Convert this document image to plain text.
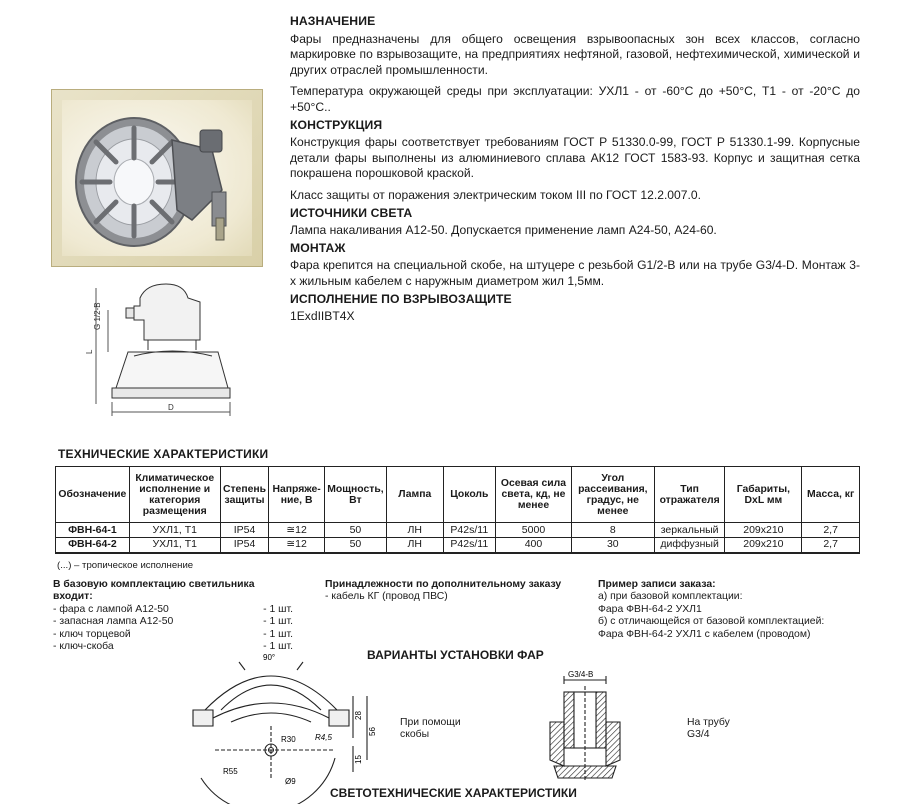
G 1/2-B
L
D
НАЗНАЧЕНИЕ
Фары предназначены для общего освещения взрывоопасных зон всех классов, согласно маркировке по взрывозащите, на предприятиях нефтяной, газовой, нефтехимической, химической и других отраслей промышленности.
Температура окружающей среды при эксплуатации: УХЛ1 - от -60°С до +50°С, Т1 - от -20°С до +50°С..
КОНСТРУКЦИЯ
Конструкция фары соответствует требованиям ГОСТ Р 51330.0-99, ГОСТ Р 51330.1-99. Корпусные детали фары выполнены из алюминиевого сплава АК12 ГОСТ 1583-93. Корпус и защитная сетка покрашена порошковой краской.
Класс защиты от поражения электрическим током III по ГОСТ 12.2.007.0.
ИСТОЧНИКИ СВЕТА
Лампа накаливания А12-50. Допускается применение ламп А24-50, А24-60.
МОНТАЖ
Фара крепится на специальной скобе, на штуцере с резьбой G1/2-В или на трубе G3/4-D. Монтаж 3-х жильным кабелем с наружным диаметром жил 1,5мм.
ИСПОЛНЕНИЕ ПО ВЗРЫВОЗАЩИТЕ
1ExdIIBT4X
ТЕХНИЧЕСКИЕ ХАРАКТЕРИСТИКИ
Обозначение	Климатическое исполнение и категория размещения	Степень защиты	Напряже-ние, В	Мощность, Вт	Лампа	Цоколь	Осевая сила света, кд, не менее	Угол рассеивания, градус, не менее	Тип отражателя	Габариты, DxL мм	Масса, кг
ФВН-64-1	УХЛ1, Т1	IP54	≅12	50	ЛН	Р42s/11	5000	8	зеркальный	209х210	2,7
ФВН-64-2	УХЛ1, Т1	IP54	≅12	50	ЛН	Р42s/11	400	30	диффузный	209х210	2,7
(...) – тропическое исполнение
В базовую комплектацию светильника входит:
- фара с лампой А12-50	- 1 шт.
- запасная лампа А12-50	- 1 шт.
- ключ торцевой	- 1 шт.
- ключ-скоба	- 1 шт.
Принадлежности по дополнительному заказу
- кабель КГ (провод ПВС)
Пример записи заказа:
а) при базовой комплектации:
Фара ФВН-64-2 УХЛ1
б) с отличающейся от базовой комплектацией:
Фара ФВН-64-2 УХЛ1 с кабелем (проводом)
ВАРИАНТЫ УСТАНОВКИ ФАР
90°
R30 R4,5
R55
Ø9
28
56
15
При помощи скобы
G3/4-B
На трубу G3/4
СВЕТОТЕХНИЧЕСКИЕ ХАРАКТЕРИСТИКИ
